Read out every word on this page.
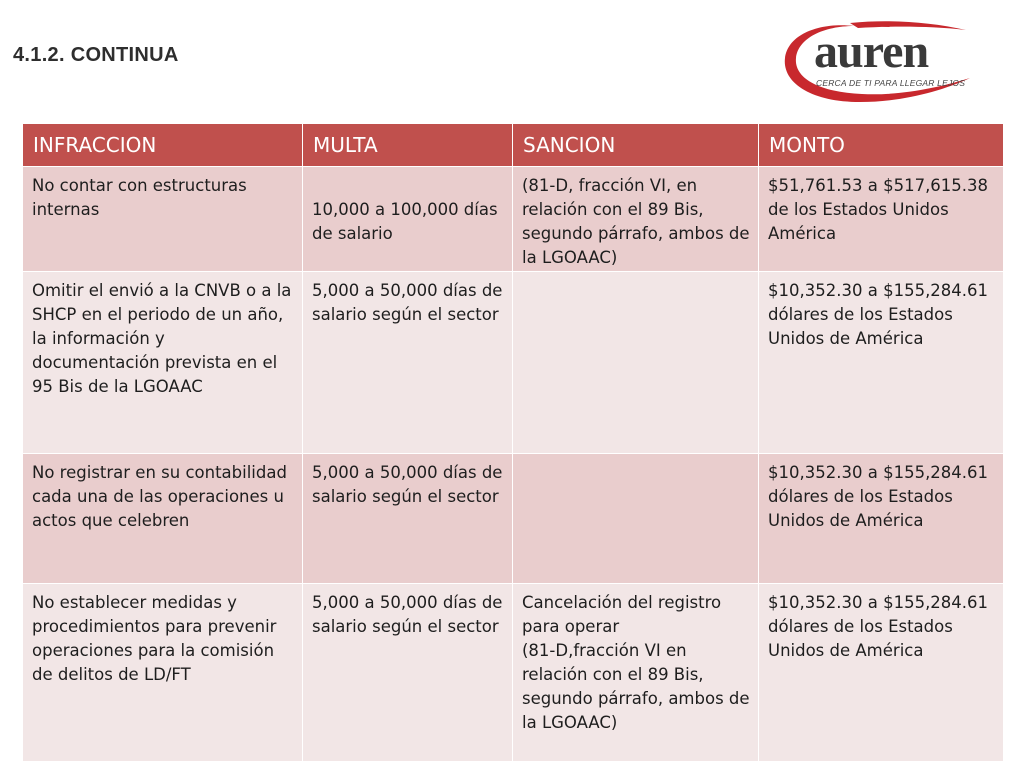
4.1.2. CONTINUA	auren
CERCA DE TI PARA LLEGAR LEJOS
INFRACCION	MULTA	SANCION	MONTO

No contar con estructuras internas	10,000 a 100,000 días de salario	(81-D, fracción VI, en relación con el 89 Bis, segundo párrafo, ambos de la LGOAAC)	$51,761.53 a $517,615.38 de los Estados Unidos América

Omitir el envió a la CNVB o a la SHCP en el periodo de un año, la información y documentación prevista en el 95 Bis de la LGOAAC	5,000 a 50,000 días de salario según el sector		$10,352.30 a $155,284.61 dólares de los Estados Unidos de América

No registrar en su contabilidad cada una de las operaciones u actos que celebren	5,000 a 50,000 días de salario según el sector		$10,352.30 a $155,284.61 dólares de los Estados Unidos de América

No establecer medidas y procedimientos para prevenir operaciones para la comisión de delitos de LD/FT	5,000 a 50,000 días de salario según el sector	Cancelación del registro para operar
(81-D,fracción VI en relación con el 89 Bis, segundo párrafo, ambos de la LGOAAC)	$10,352.30 a $155,284.61 dólares de los Estados Unidos de América
